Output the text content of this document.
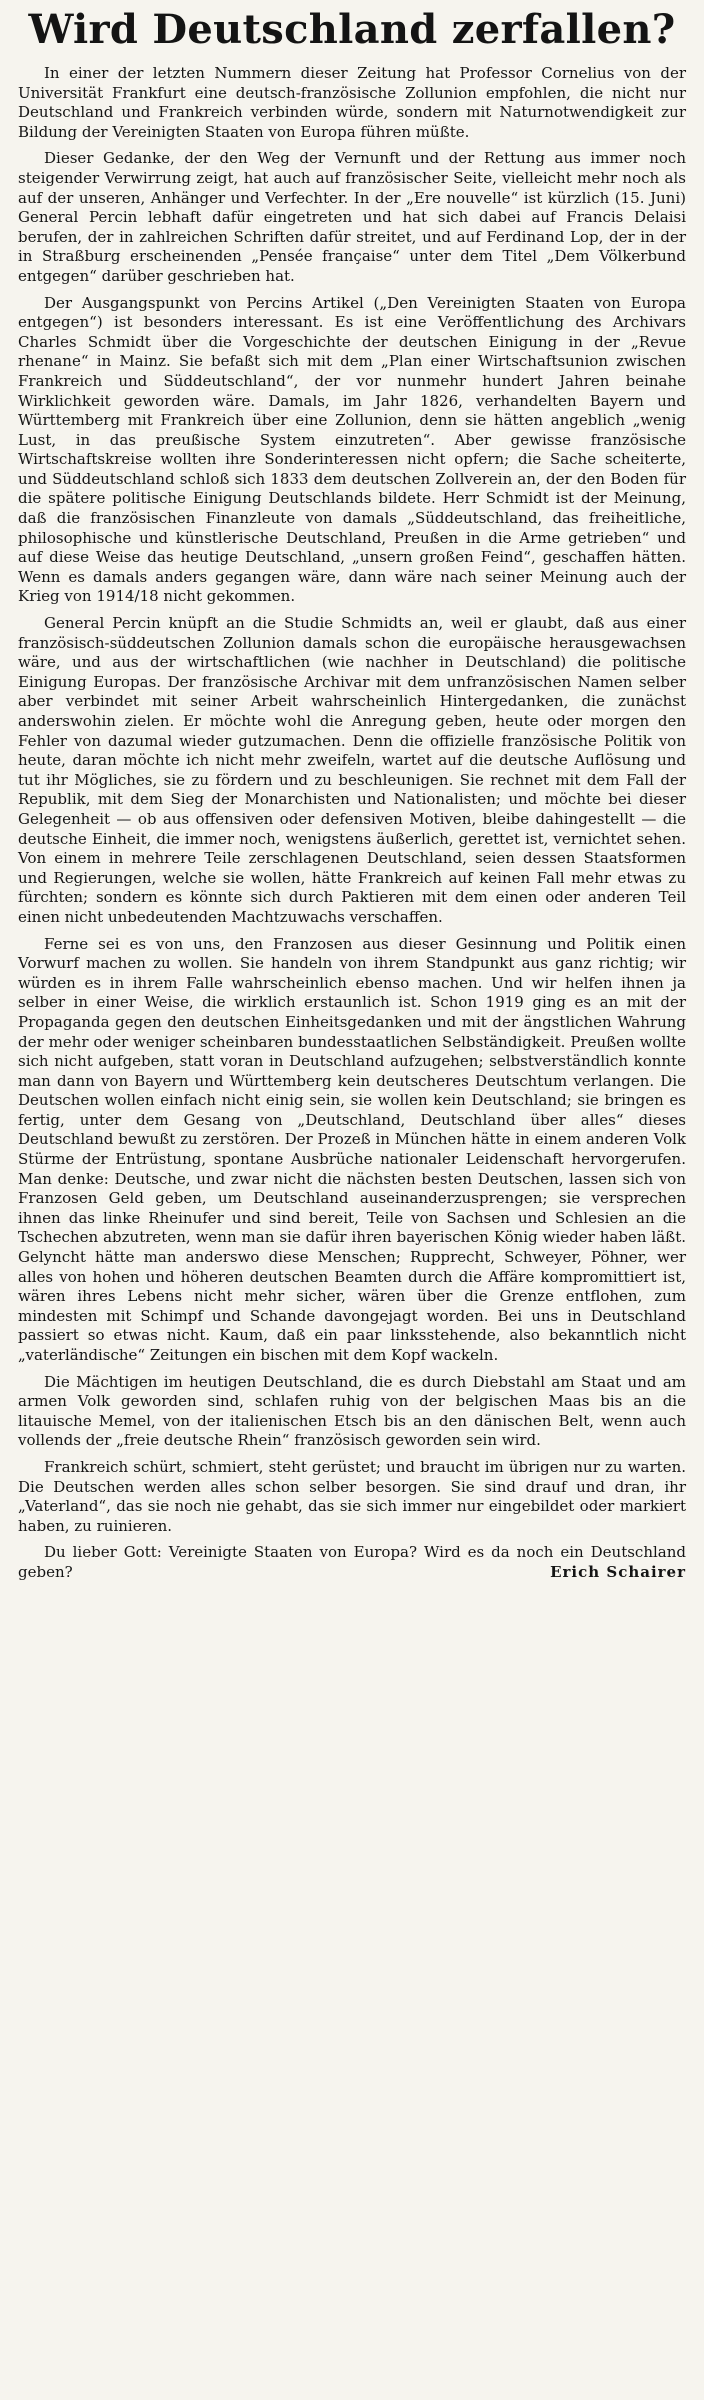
Wird Deutschland zerfallen?

In einer der letzten Nummern dieser Zeitung hat Professor Cornelius von der Universität Frankfurt eine deutsch-französische Zollunion empfohlen, die nicht nur Deutschland und Frankreich verbinden würde, sondern mit Naturnotwendigkeit zur Bildung der Vereinigten Staaten von Europa führen müßte.

Dieser Gedanke, der den Weg der Vernunft und der Rettung aus immer noch steigender Verwirrung zeigt, hat auch auf französischer Seite, vielleicht mehr noch als auf der unseren, Anhänger und Verfechter. In der „Ere nouvelle“ ist kürzlich (15. Juni) General Percin lebhaft dafür eingetreten und hat sich dabei auf Francis Delaisi berufen, der in zahlreichen Schriften dafür streitet, und auf Ferdinand Lop, der in der in Straßburg erscheinenden „Pensée française“ unter dem Titel „Dem Völkerbund entgegen“ darüber geschrieben hat.

Der Ausgangspunkt von Percins Artikel („Den Vereinigten Staaten von Europa entgegen“) ist besonders interessant. Es ist eine Veröffentlichung des Archivars Charles Schmidt über die Vorgeschichte der deutschen Einigung in der „Revue rhenane“ in Mainz. Sie befaßt sich mit dem „Plan einer Wirtschaftsunion zwischen Frankreich und Süddeutschland“, der vor nunmehr hundert Jahren beinahe Wirklichkeit geworden wäre. Damals, im Jahr 1826, verhandelten Bayern und Württemberg mit Frankreich über eine Zollunion, denn sie hätten angeblich „wenig Lust, in das preußische System einzutreten“. Aber gewisse französische Wirtschaftskreise wollten ihre Sonderinteressen nicht opfern; die Sache scheiterte, und Süddeutschland schloß sich 1833 dem deutschen Zollverein an, der den Boden für die spätere politische Einigung Deutschlands bildete. Herr Schmidt ist der Meinung, daß die französischen Finanzleute von damals „Süddeutschland, das freiheitliche, philosophische und künstlerische Deutschland, Preußen in die Arme getrieben“ und auf diese Weise das heutige Deutschland, „unsern großen Feind“, geschaffen hätten. Wenn es damals anders gegangen wäre, dann wäre nach seiner Meinung auch der Krieg von 1914/18 nicht gekommen.

General Percin knüpft an die Studie Schmidts an, weil er glaubt, daß aus einer französisch-süddeutschen Zollunion damals schon die europäische herausgewachsen wäre, und aus der wirtschaftlichen (wie nachher in Deutschland) die politische Einigung Europas. Der französische Archivar mit dem unfranzösischen Namen selber aber verbindet mit seiner Arbeit wahrscheinlich Hintergedanken, die zunächst anderswohin zielen. Er möchte wohl die Anregung geben, heute oder morgen den Fehler von dazumal wieder gutzumachen. Denn die offizielle französische Politik von heute, daran möchte ich nicht mehr zweifeln, wartet auf die deutsche Auflösung und tut ihr Mögliches, sie zu fördern und zu beschleunigen. Sie rechnet mit dem Fall der Republik, mit dem Sieg der Monarchisten und Nationalisten; und möchte bei dieser Gelegenheit — ob aus offensiven oder defensiven Motiven, bleibe dahingestellt — die deutsche Einheit, die immer noch, wenigstens äußerlich, gerettet ist, vernichtet sehen. Von einem in mehrere Teile zerschlagenen Deutschland, seien dessen Staatsformen und Regierungen, welche sie wollen, hätte Frankreich auf keinen Fall mehr etwas zu fürchten; sondern es könnte sich durch Paktieren mit dem einen oder anderen Teil einen nicht unbedeutenden Machtzuwachs verschaffen.

Ferne sei es von uns, den Franzosen aus dieser Gesinnung und Politik einen Vorwurf machen zu wollen. Sie handeln von ihrem Standpunkt aus ganz richtig; wir würden es in ihrem Falle wahrscheinlich ebenso machen. Und wir helfen ihnen ja selber in einer Weise, die wirklich erstaunlich ist. Schon 1919 ging es an mit der Propaganda gegen den deutschen Einheitsgedanken und mit der ängstlichen Wahrung der mehr oder weniger scheinbaren bundesstaatlichen Selbständigkeit. Preußen wollte sich nicht aufgeben, statt voran in Deutschland aufzugehen; selbstverständlich konnte man dann von Bayern und Württemberg kein deutscheres Deutschtum verlangen. Die Deutschen wollen einfach nicht einig sein, sie wollen kein Deutschland; sie bringen es fertig, unter dem Gesang von „Deutschland, Deutschland über alles“ dieses Deutschland bewußt zu zerstören. Der Prozeß in München hätte in einem anderen Volk Stürme der Entrüstung, spontane Ausbrüche nationaler Leidenschaft hervorgerufen. Man denke: Deutsche, und zwar nicht die nächsten besten Deutschen, lassen sich von Franzosen Geld geben, um Deutschland auseinanderzusprengen; sie versprechen ihnen das linke Rheinufer und sind bereit, Teile von Sachsen und Schlesien an die Tschechen abzutreten, wenn man sie dafür ihren bayerischen König wieder haben läßt. Gelyncht hätte man anderswo diese Menschen; Rupprecht, Schweyer, Pöhner, wer alles von hohen und höheren deutschen Beamten durch die Affäre kompromittiert ist, wären ihres Lebens nicht mehr sicher, wären über die Grenze entflohen, zum mindesten mit Schimpf und Schande davongejagt worden. Bei uns in Deutschland passiert so etwas nicht. Kaum, daß ein paar linksstehende, also bekanntlich nicht „vaterländische“ Zeitungen ein bischen mit dem Kopf wackeln.

Die Mächtigen im heutigen Deutschland, die es durch Diebstahl am Staat und am armen Volk geworden sind, schlafen ruhig von der belgischen Maas bis an die litauische Memel, von der italienischen Etsch bis an den dänischen Belt, wenn auch vollends der „freie deutsche Rhein“ französisch geworden sein wird.

Frankreich schürt, schmiert, steht gerüstet; und braucht im übrigen nur zu warten. Die Deutschen werden alles schon selber besorgen. Sie sind drauf und dran, ihr „Vaterland“, das sie noch nie gehabt, das sie sich immer nur eingebildet oder markiert haben, zu ruinieren.

Du lieber Gott: Vereinigte Staaten von Europa? Wird es da noch ein Deutschland geben?	Erich Schairer
